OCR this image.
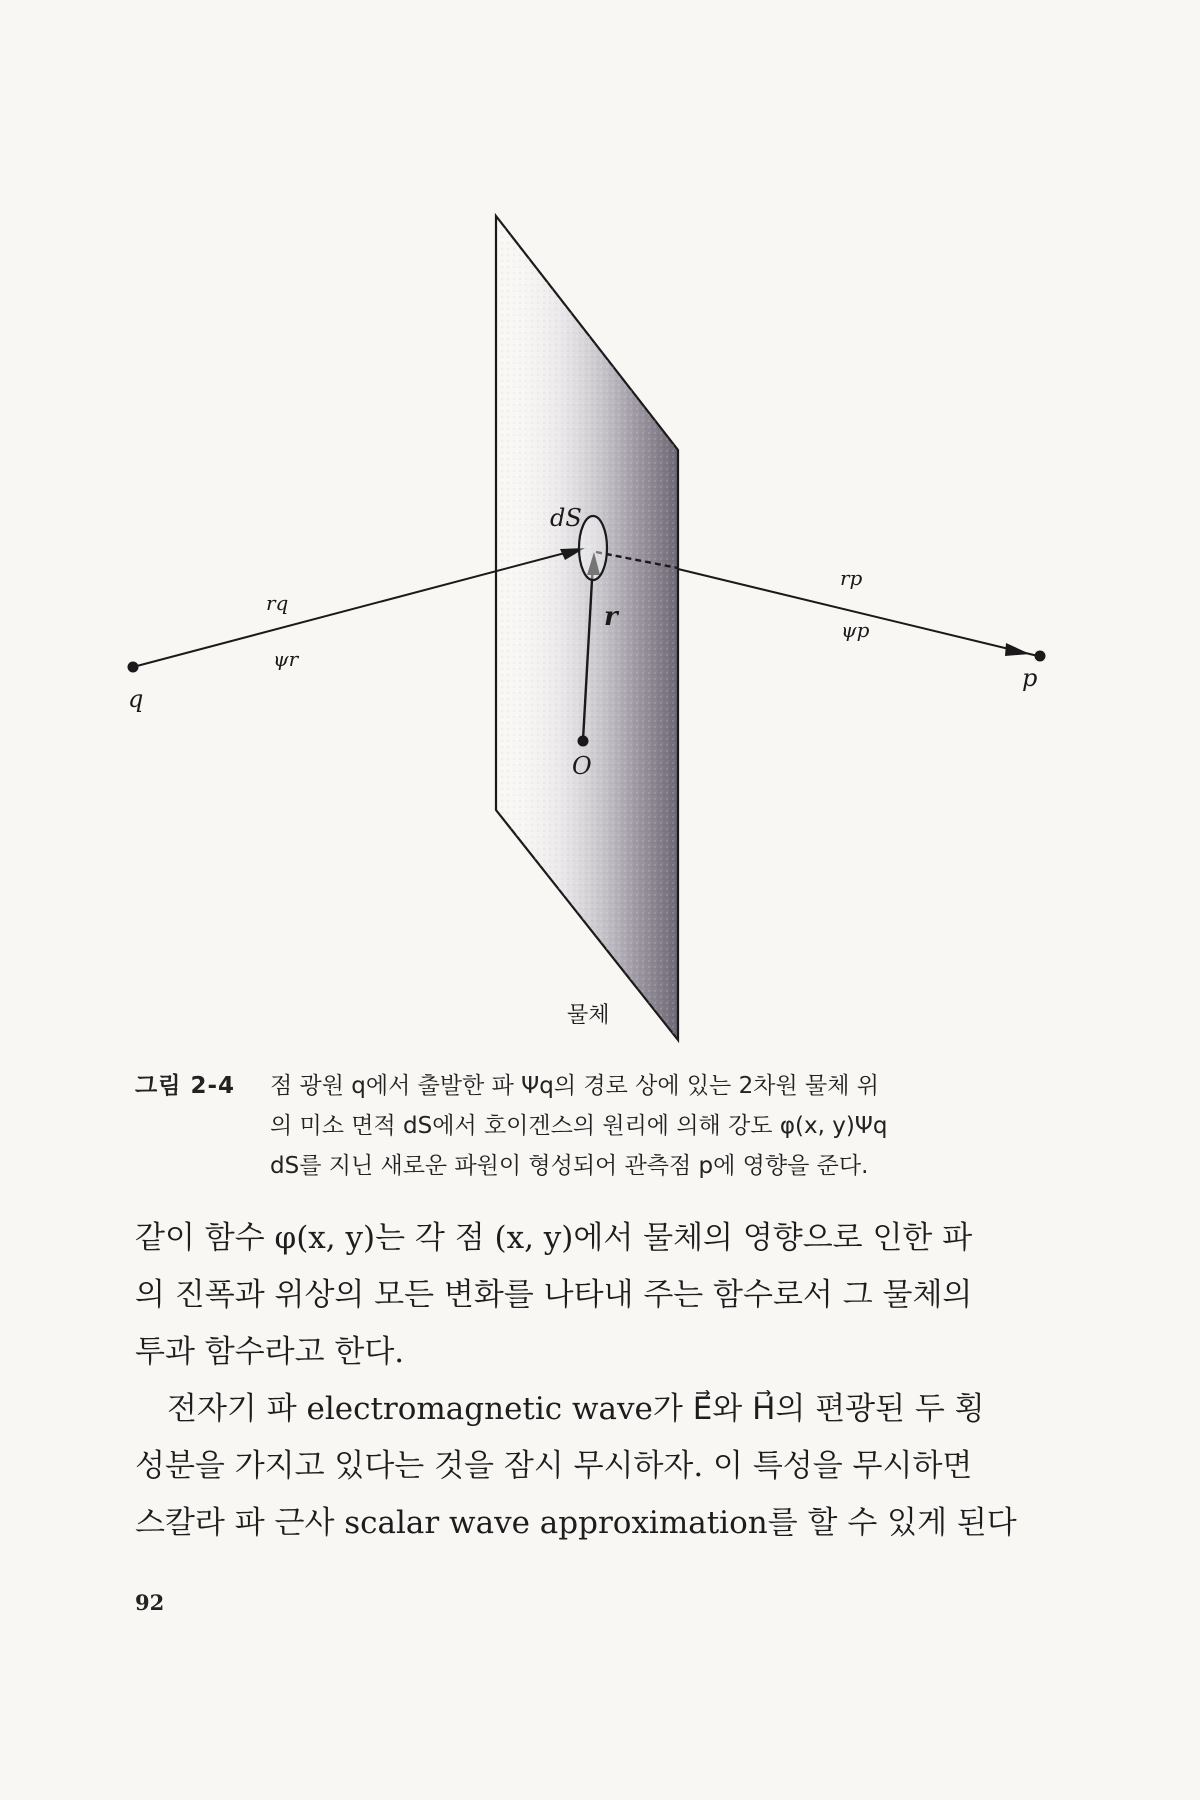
dS
r
O
q
p
rq
ψr
rp
ψp
물체
그림 2-4 점 광원 q에서 출발한 파 Ψq의 경로 상에 있는 2차원 물체 위

의 미소 면적 dS에서 호이겐스의 원리에 의해 강도 φ(x, y)Ψq

dS를 지닌 새로운 파원이 형성되어 관측점 p에 영향을 준다.

같이 함수 φ(x, y)는 각 점 (x, y)에서 물체의 영향으로 인한 파

의 진폭과 위상의 모든 변화를 나타내 주는 함수로서 그 물체의

투과 함수라고 한다.

전자기 파 electromagnetic wave가 E⃗와 H⃗의 편광된 두 횡

성분을 가지고 있다는 것을 잠시 무시하자. 이 특성을 무시하면

스칼라 파 근사 scalar wave approximation를 할 수 있게 된다

92
